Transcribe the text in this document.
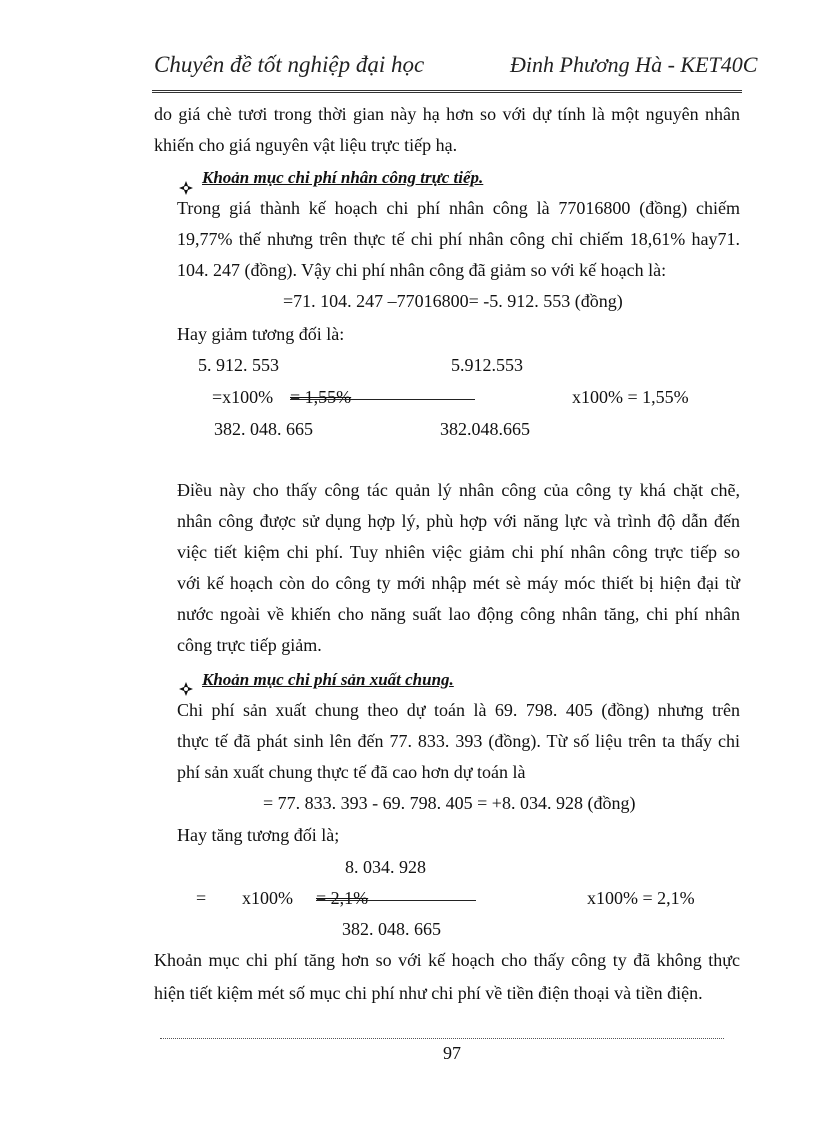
Chuyên đề tốt nghiệp đại học	Đinh Phương Hà - KET40C
do giá chè tươi trong thời gian này hạ hơn so với dự tính là một nguyên nhân
khiến cho giá nguyên vật liệu trực tiếp hạ.
Khoản mục chi phí nhân công trực tiếp.
Trong giá thành kế hoạch chi phí nhân công là 77016800 (đồng) chiếm
19,77% thế nhưng trên thực tế chi phí nhân công chỉ chiếm 18,61% hay71.
104. 247 (đồng). Vậy chi phí nhân công đã giảm so với kế hoạch là:
=71. 104. 247 –77016800= -5. 912. 553 (đồng)
Hay giảm tương đối là:
5. 912. 553	5.912.553
=x100% = 1,55%	x100% = 1,55%
382. 048. 665	382.048.665
Điều này cho thấy công tác quản lý nhân công của công ty khá chặt chẽ,
nhân công được sử dụng hợp lý, phù hợp với năng lực và trình độ dẫn đến
việc tiết kiệm chi phí. Tuy nhiên việc giảm chi phí nhân công trực tiếp so
với kế hoạch còn do công ty mới nhập mét sè máy móc thiết bị hiện đại từ
nước ngoài về khiến cho năng suất lao động công nhân tăng, chi phí nhân
công trực tiếp giảm.
Khoản mục chi phí sản xuất chung.
Chi phí sản xuất chung theo dự toán là 69. 798. 405 (đồng) nhưng trên
thực tế đã phát sinh lên đến 77. 833. 393 (đồng). Từ số liệu trên ta thấy chi
phí sản xuất chung thực tế đã cao hơn dự toán là
= 77. 833. 393 - 69. 798. 405 = +8. 034. 928 (đồng)
Hay tăng tương đối là;
8. 034. 928
= x100% = 2,1%	x100% = 2,1%
382. 048. 665
Khoản mục chi phí tăng hơn so với kế hoạch cho thấy công ty đã không thực
hiện tiết kiệm mét số mục chi phí như chi phí về tiền điện thoại và tiền điện.
97
